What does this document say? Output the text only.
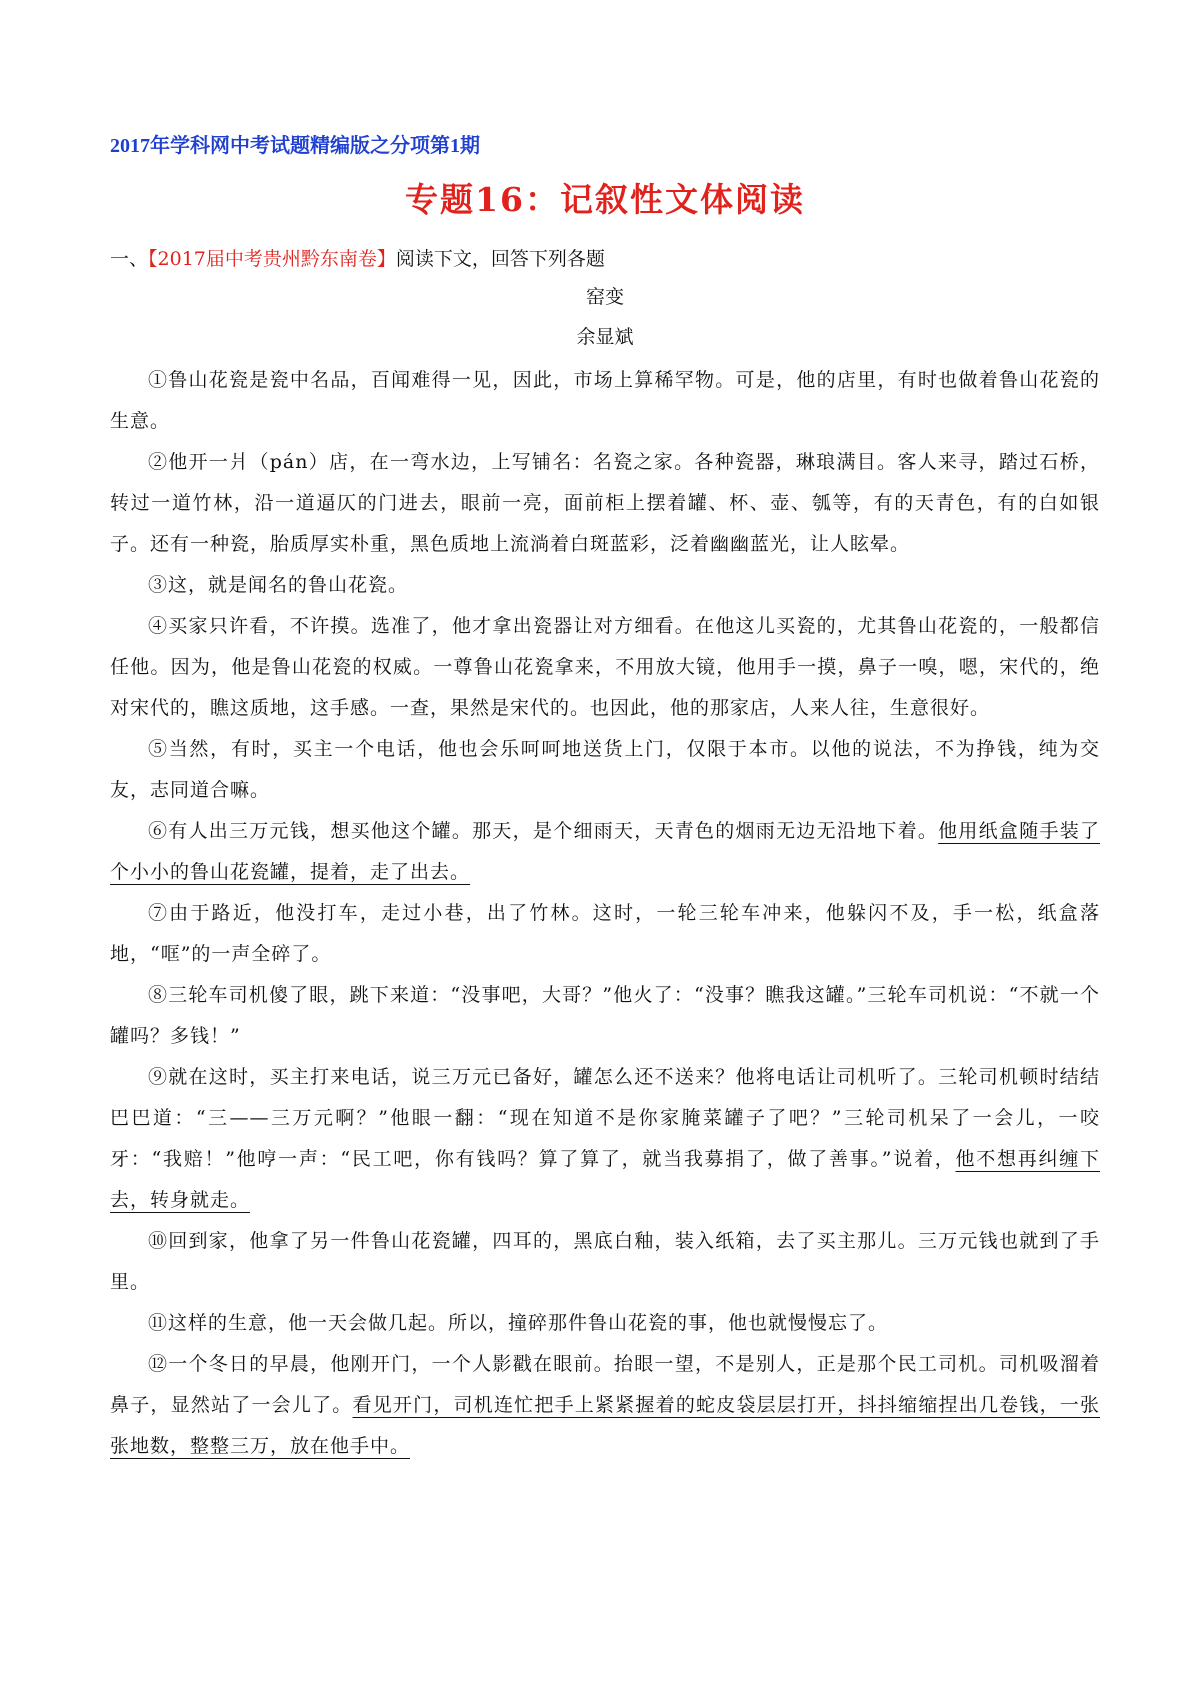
2017年学科网中考试题精编版之分项第1期
专题16：记叙性文体阅读
一、【2017届中考贵州黔东南卷】阅读下文，回答下列各题
窑变
余显斌

①鲁山花瓷是瓷中名品，百闻难得一见，因此，市场上算稀罕物。可是，他的店里，有时也做着鲁山花瓷的生意。

②他开一爿（pán）店，在一弯水边，上写铺名：名瓷之家。各种瓷器，琳琅满目。客人来寻，踏过石桥，转过一道竹林，沿一道逼仄的门进去，眼前一亮，面前柜上摆着罐、杯、壶、瓠等，有的天青色，有的白如银子。还有一种瓷，胎质厚实朴重，黑色质地上流淌着白斑蓝彩，泛着幽幽蓝光，让人眩晕。

③这，就是闻名的鲁山花瓷。

④买家只许看，不许摸。选准了，他才拿出瓷器让对方细看。在他这儿买瓷的，尤其鲁山花瓷的，一般都信任他。因为，他是鲁山花瓷的权威。一尊鲁山花瓷拿来，不用放大镜，他用手一摸，鼻子一嗅，嗯，宋代的，绝对宋代的，瞧这质地，这手感。一查，果然是宋代的。也因此，他的那家店，人来人往，生意很好。

⑤当然，有时，买主一个电话，他也会乐呵呵地送货上门，仅限于本市。以他的说法，不为挣钱，纯为交友，志同道合嘛。

⑥有人出三万元钱，想买他这个罐。那天，是个细雨天，天青色的烟雨无边无沿地下着。他用纸盒随手装了个小小的鲁山花瓷罐，提着，走了出去。

⑦由于路近，他没打车，走过小巷，出了竹林。这时，一轮三轮车冲来，他躲闪不及，手一松，纸盒落地，“哐”的一声全碎了。

⑧三轮车司机傻了眼，跳下来道：“没事吧，大哥？”他火了：“没事？瞧我这罐。”三轮车司机说：“不就一个罐吗？多钱！”

⑨就在这时，买主打来电话，说三万元已备好，罐怎么还不送来？他将电话让司机听了。三轮司机顿时结结巴巴道：“三——三万元啊？”他眼一翻：“现在知道不是你家腌菜罐子了吧？”三轮司机呆了一会儿，一咬牙：“我赔！”他哼一声：“民工吧，你有钱吗？算了算了，就当我募捐了，做了善事。”说着，他不想再纠缠下去，转身就走。

⑩回到家，他拿了另一件鲁山花瓷罐，四耳的，黑底白釉，装入纸箱，去了买主那儿。三万元钱也就到了手里。

⑪这样的生意，他一天会做几起。所以，撞碎那件鲁山花瓷的事，他也就慢慢忘了。

⑫一个冬日的早晨，他刚开门，一个人影戳在眼前。抬眼一望，不是别人，正是那个民工司机。司机吸溜着鼻子，显然站了一会儿了。看见开门，司机连忙把手上紧紧握着的蛇皮袋层层打开，抖抖缩缩捏出几卷钱，一张张地数，整整三万，放在他手中。
